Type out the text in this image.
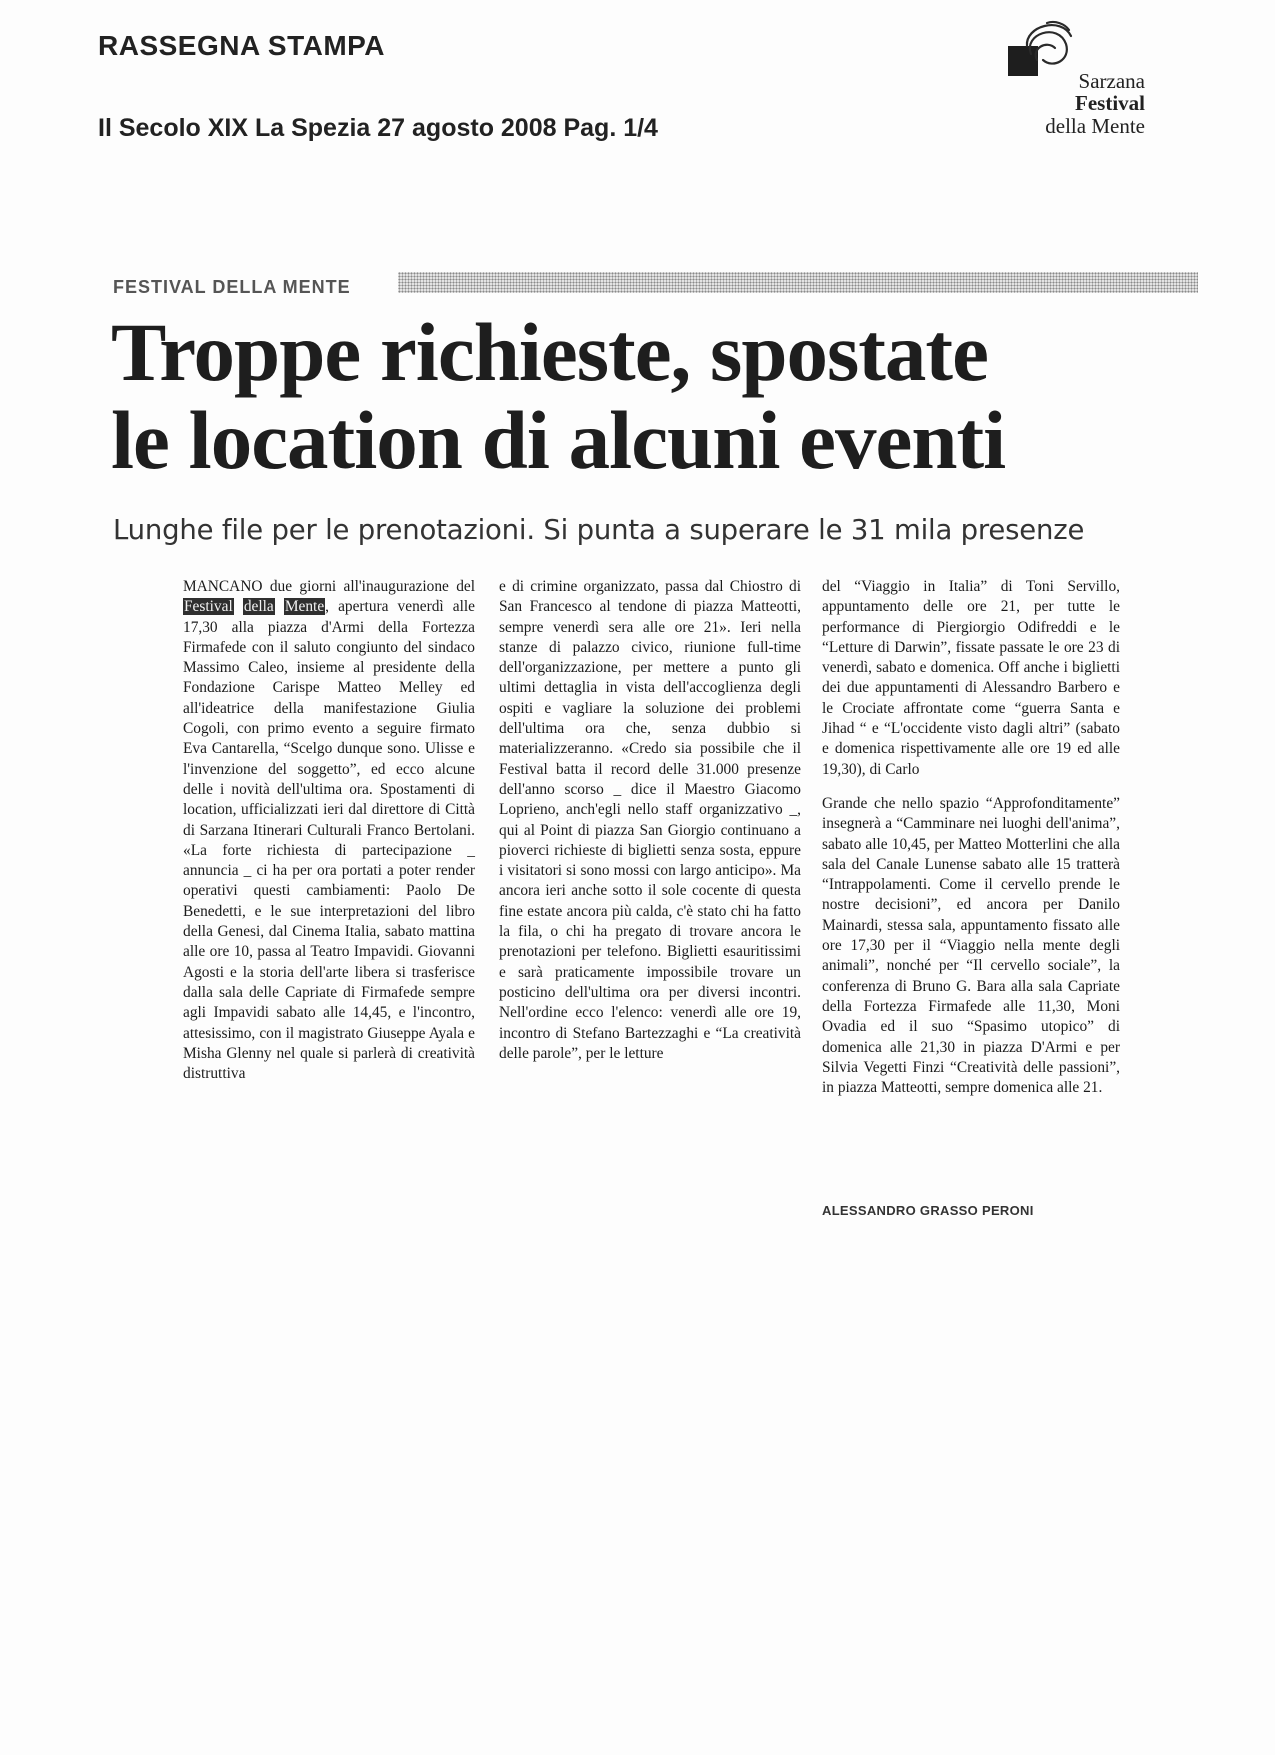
RASSEGNA STAMPA
Il Secolo XIX La Spezia 27 agosto 2008 Pag. 1/4
Sarzana
Festival
della Mente
FESTIVAL DELLA MENTE
Troppe richieste, spostate
le location di alcuni eventi
Lunghe file per le prenotazioni. Si punta a superare le 31 mila presenze

MANCANO due giorni all'inaugurazione del Festival della Mente, apertura venerdì alle 17,30 alla piazza d'Armi della Fortezza Firmafede con il saluto congiunto del sindaco Massimo Caleo, insieme al presidente della Fondazione Carispe Matteo Melley ed all'ideatrice della manifestazione Giulia Cogoli, con primo evento a seguire firmato Eva Cantarella, “Scelgo dunque sono. Ulisse e l'invenzione del soggetto”, ed ecco alcune delle i novità dell'ultima ora. Spostamenti di location, ufficializzati ieri dal direttore di Città di Sarzana Itinerari Culturali Franco Bertolani. «La forte richiesta di partecipazione _ annuncia _ ci ha per ora portati a poter render operativi questi cambiamenti: Paolo De Benedetti, e le sue interpretazioni del libro della Genesi, dal Cinema Italia, sabato mattina alle ore 10, passa al Teatro Impavidi. Giovanni Agosti e la storia dell'arte libera si trasferisce dalla sala delle Capriate di Firmafede sempre agli Impavidi sabato alle 14,45, e l'incontro, attesissimo, con il magistrato Giuseppe Ayala e Misha Glenny nel quale si parlerà di creatività distruttiva

e di crimine organizzato, passa dal Chiostro di San Francesco al tendone di piazza Matteotti, sempre venerdì sera alle ore 21». Ieri nella stanze di palazzo civico, riunione full-time dell'organizzazione, per mettere a punto gli ultimi dettaglia in vista dell'accoglienza degli ospiti e vagliare la soluzione dei problemi dell'ultima ora che, senza dubbio si materializzeranno. «Credo sia possibile che il Festival batta il record delle 31.000 presenze dell'anno scorso _ dice il Maestro Giacomo Loprieno, anch'egli nello staff organizzativo _, qui al Point di piazza San Giorgio continuano a pioverci richieste di biglietti senza sosta, eppure i visitatori si sono mossi con largo anticipo». Ma ancora ieri anche sotto il sole cocente di questa fine estate ancora più calda, c'è stato chi ha fatto la fila, o chi ha pregato di trovare ancora le prenotazioni per telefono. Biglietti esauritissimi e sarà praticamente impossibile trovare un posticino dell'ultima ora per diversi incontri. Nell'ordine ecco l'elenco: venerdì alle ore 19, incontro di Stefano Bartezzaghi e “La creatività delle parole”, per le letture

del “Viaggio in Italia” di Toni Servillo, appuntamento delle ore 21, per tutte le performance di Piergiorgio Odifreddi e le “Letture di Darwin”, fissate passate le ore 23 di venerdì, sabato e domenica. Off anche i biglietti dei due appuntamenti di Alessandro Barbero e le Crociate affrontate come “guerra Santa e Jihad “ e “L'occidente visto dagli altri” (sabato e domenica rispettivamente alle ore 19 ed alle 19,30), di Carlo

Grande che nello spazio “Approfonditamente” insegnerà a “Camminare nei luoghi dell'anima”, sabato alle 10,45, per Matteo Motterlini che alla sala del Canale Lunense sabato alle 15 tratterà “Intrappolamenti. Come il cervello prende le nostre decisioni”, ed ancora per Danilo Mainardi, stessa sala, appuntamento fissato alle ore 17,30 per il “Viaggio nella mente degli animali”, nonché per “Il cervello sociale”, la conferenza di Bruno G. Bara alla sala Capriate della Fortezza Firmafede alle 11,30, Moni Ovadia ed il suo “Spasimo utopico” di domenica alle 21,30 in piazza D'Armi e per Silvia Vegetti Finzi “Creatività delle passioni”, in piazza Matteotti, sempre domenica alle 21.

ALESSANDRO GRASSO PERONI
